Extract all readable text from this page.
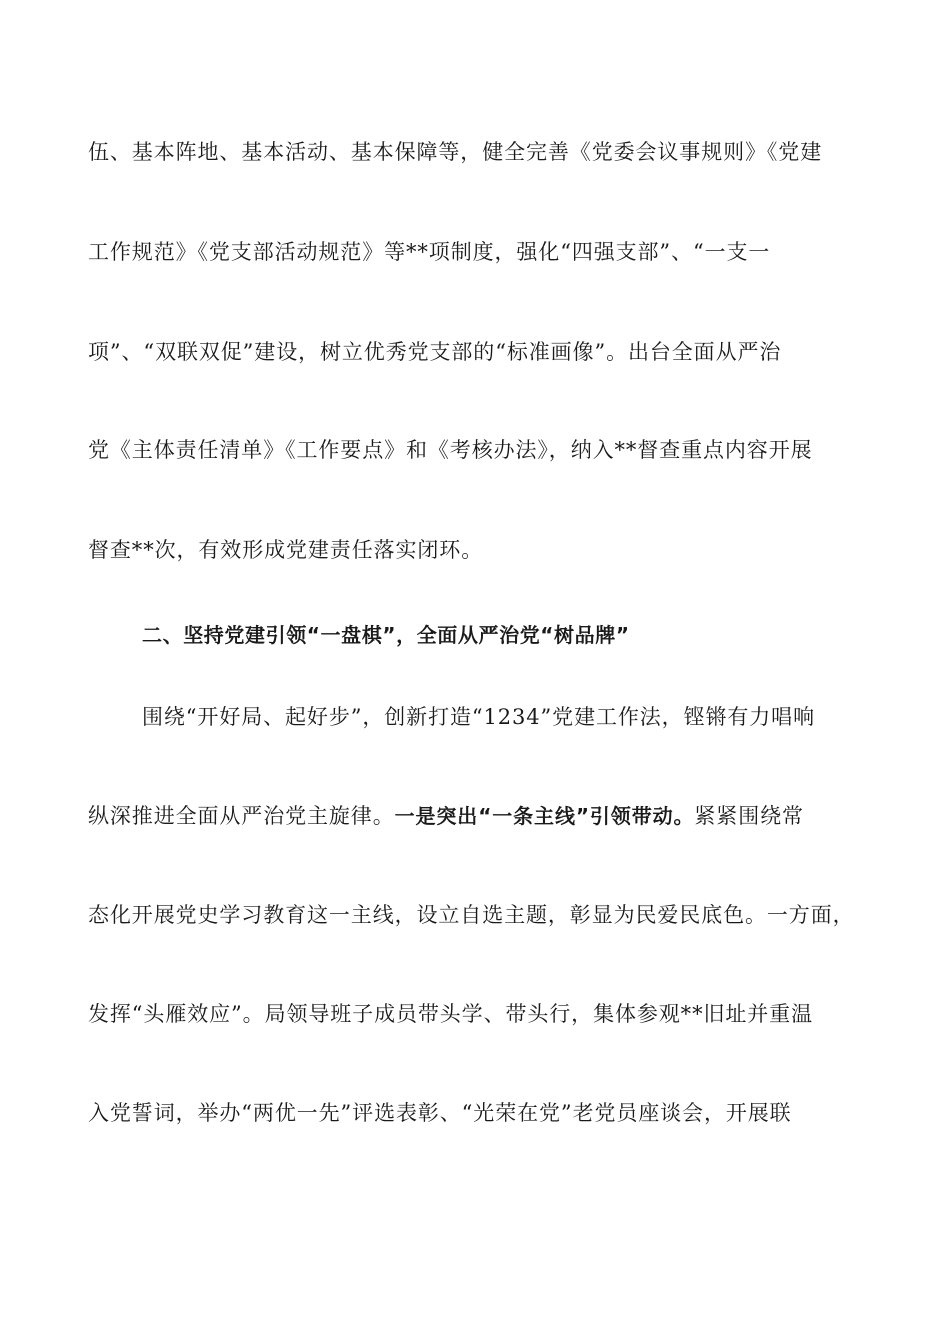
伍、基本阵地、基本活动、基本保障等，健全完善《党委会议事规则》《党建

工作规范》《党支部活动规范》等**项制度，强化“四强支部”、“一支一

项”、“双联双促”建设，树立优秀党支部的“标准画像”。出台全面从严治

党《主体责任清单》《工作要点》和《考核办法》，纳入**督查重点内容开展

督查**次，有效形成党建责任落实闭环。

二、坚持党建引领“一盘棋”，全面从严治党“树品牌”

围绕“开好局、起好步”，创新打造“1234”党建工作法，铿锵有力唱响

纵深推进全面从严治党主旋律。一是突出“一条主线”引领带动。紧紧围绕常

态化开展党史学习教育这一主线，设立自选主题，彰显为民爱民底色。一方面，

发挥“头雁效应”。局领导班子成员带头学、带头行，集体参观**旧址并重温

入党誓词，举办“两优一先”评选表彰、“光荣在党”老党员座谈会，开展联
